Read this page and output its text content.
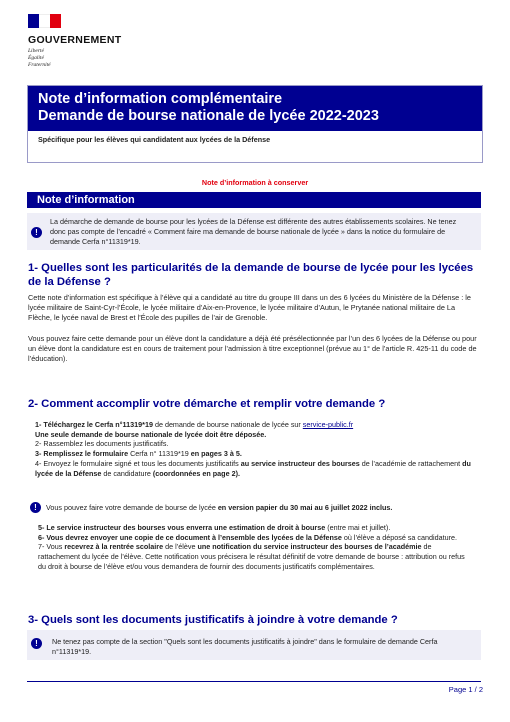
GOUVERNEMENT
Liberté
Égalité
Fraternité
Note d’information complémentaire
Demande de bourse nationale de lycée 2022-2023
Spécifique pour les élèves qui candidatent aux lycées de la Défense
Note d’information à conserver
Note d’information
!
La démarche de demande de bourse pour les lycées de la Défense est différente des autres établissements scolaires. Ne tenez donc pas compte de l’encadré « Comment faire ma demande de bourse nationale de lycée » dans la notice du formulaire de demande Cerfa n°11319*19.
1- Quelles sont les particularités de la demande de bourse de lycée pour les lycées de la Défense ?
Cette note d’information est spécifique à l’élève qui a candidaté au titre du groupe III dans un des 6 lycées du Ministère de la Défense : le lycée militaire de Saint-Cyr-l’École, le lycée militaire d’Aix-en-Provence, le lycée militaire d’Autun, le Prytanée national militaire de La Flèche, le lycée naval de Brest et l’École des pupilles de l’air de Grenoble.
Vous pouvez faire cette demande pour un élève dont la candidature a déjà été présélectionnée par l’un des 6 lycées de la Défense ou pour un élève dont la candidature est en cours de traitement pour l’admission à titre exceptionnel (prévue au 1° de l’article R. 425-11 du code de l’éducation).
2- Comment accomplir votre démarche et remplir votre demande ?

1- Téléchargez le Cerfa n°11319*19 de demande de bourse nationale de lycée sur service-public.fr

Une seule demande de bourse nationale de lycée doit être déposée.

2- Rassemblez les documents justificatifs.

3- Remplissez le formulaire Cerfa n° 11319*19 en pages 3 à 5.

4- Envoyez le formulaire signé et tous les documents justificatifs au service instructeur des bourses de l’académie de rattachement du lycée de la Défense de candidature (coordonnées en page 2).

!	Vous pouvez faire votre demande de bourse de lycée en version papier du 30 mai au 6 juillet 2022 inclus.

5- Le service instructeur des bourses vous enverra une estimation de droit à bourse (entre mai et juillet).

6- Vous devrez envoyer une copie de ce document à l’ensemble des lycées de la Défense où l’élève a déposé sa candidature.

7- Vous recevrez à la rentrée scolaire de l’élève une notification du service instructeur des bourses de l’académie de rattachement du lycée de l’élève. Cette notification vous précisera le résultat définitif de votre demande de bourse : attribution ou refus du droit à bourse de l’élève et/ou vous demandera de fournir des documents justificatifs complémentaires.

3- Quels sont les documents justificatifs à joindre à votre demande ?
!	Ne tenez pas compte de la section "Quels sont les documents justificatifs à joindre" dans le formulaire de demande Cerfa n°11319*19.
Page 1 / 2
